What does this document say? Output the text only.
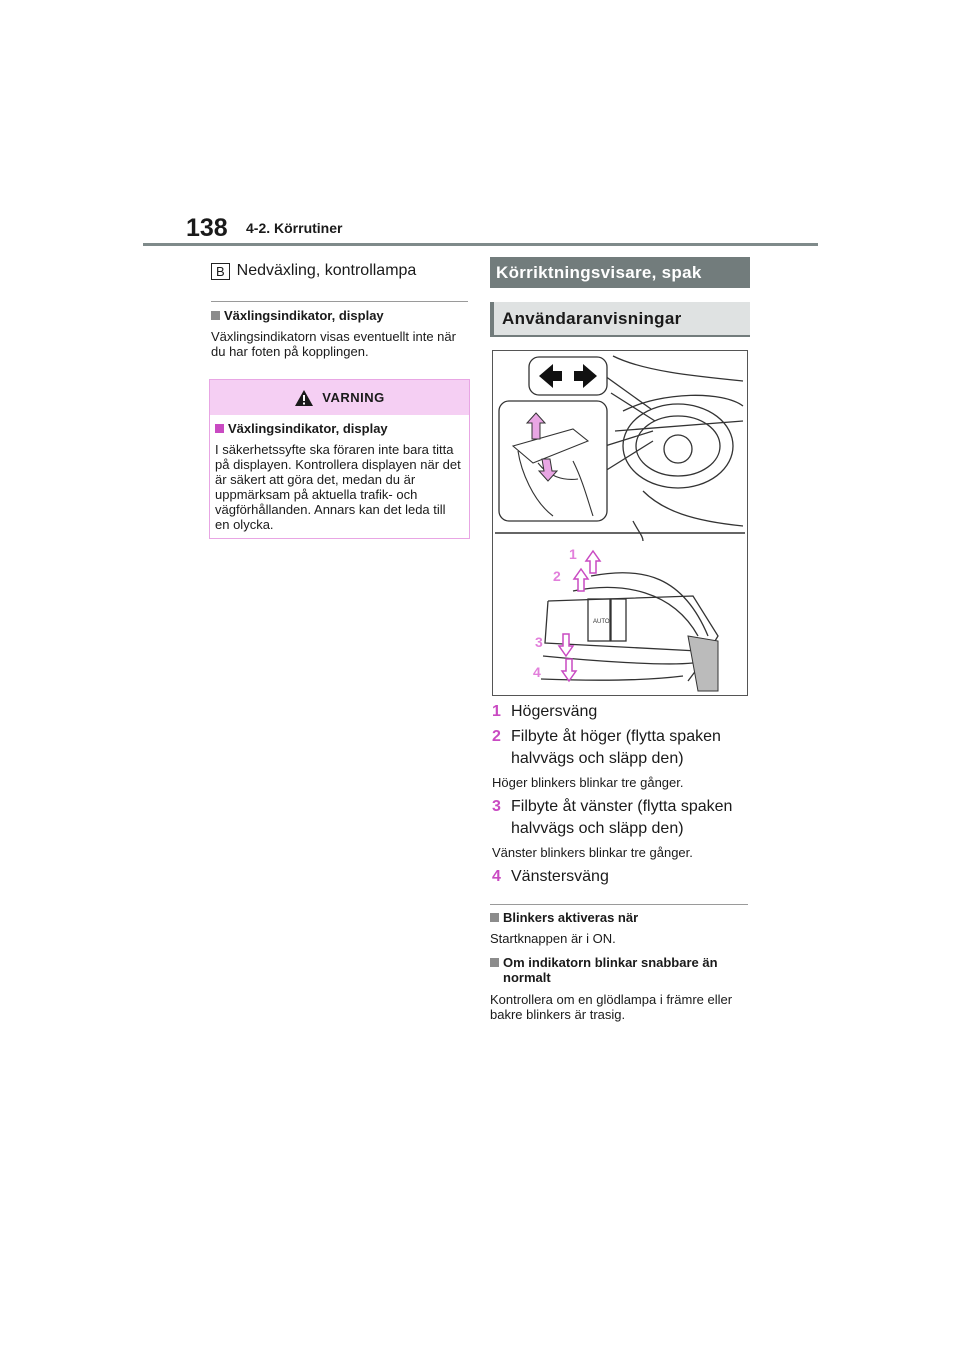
138 4-2. Körrutiner
B Nedväxling, kontrollampa
Växlingsindikator, display
Växlingsindikatorn visas eventuellt inte när du har foten på kopplingen.
VARNING
Växlingsindikator, display
I säkerhetssyfte ska föraren inte bara titta på displayen. Kontrollera displayen när det är säkert att göra det, medan du är uppmärksam på aktuella trafik- och vägförhållanden. Annars kan det leda till en olycka.
Körriktningsvisare, spak
Användaranvisningar
AUTO
1
2
3
4
1 Högersväng
2 Filbyte åt höger (flytta spaken halvvägs och släpp den)
Höger blinkers blinkar tre gånger.
3 Filbyte åt vänster (flytta spaken halvvägs och släpp den)
Vänster blinkers blinkar tre gånger.
4 Vänstersväng
Blinkers aktiveras när
Startknappen är i ON.
Om indikatorn blinkar snabbare än normalt
Kontrollera om en glödlampa i främre eller bakre blinkers är trasig.
